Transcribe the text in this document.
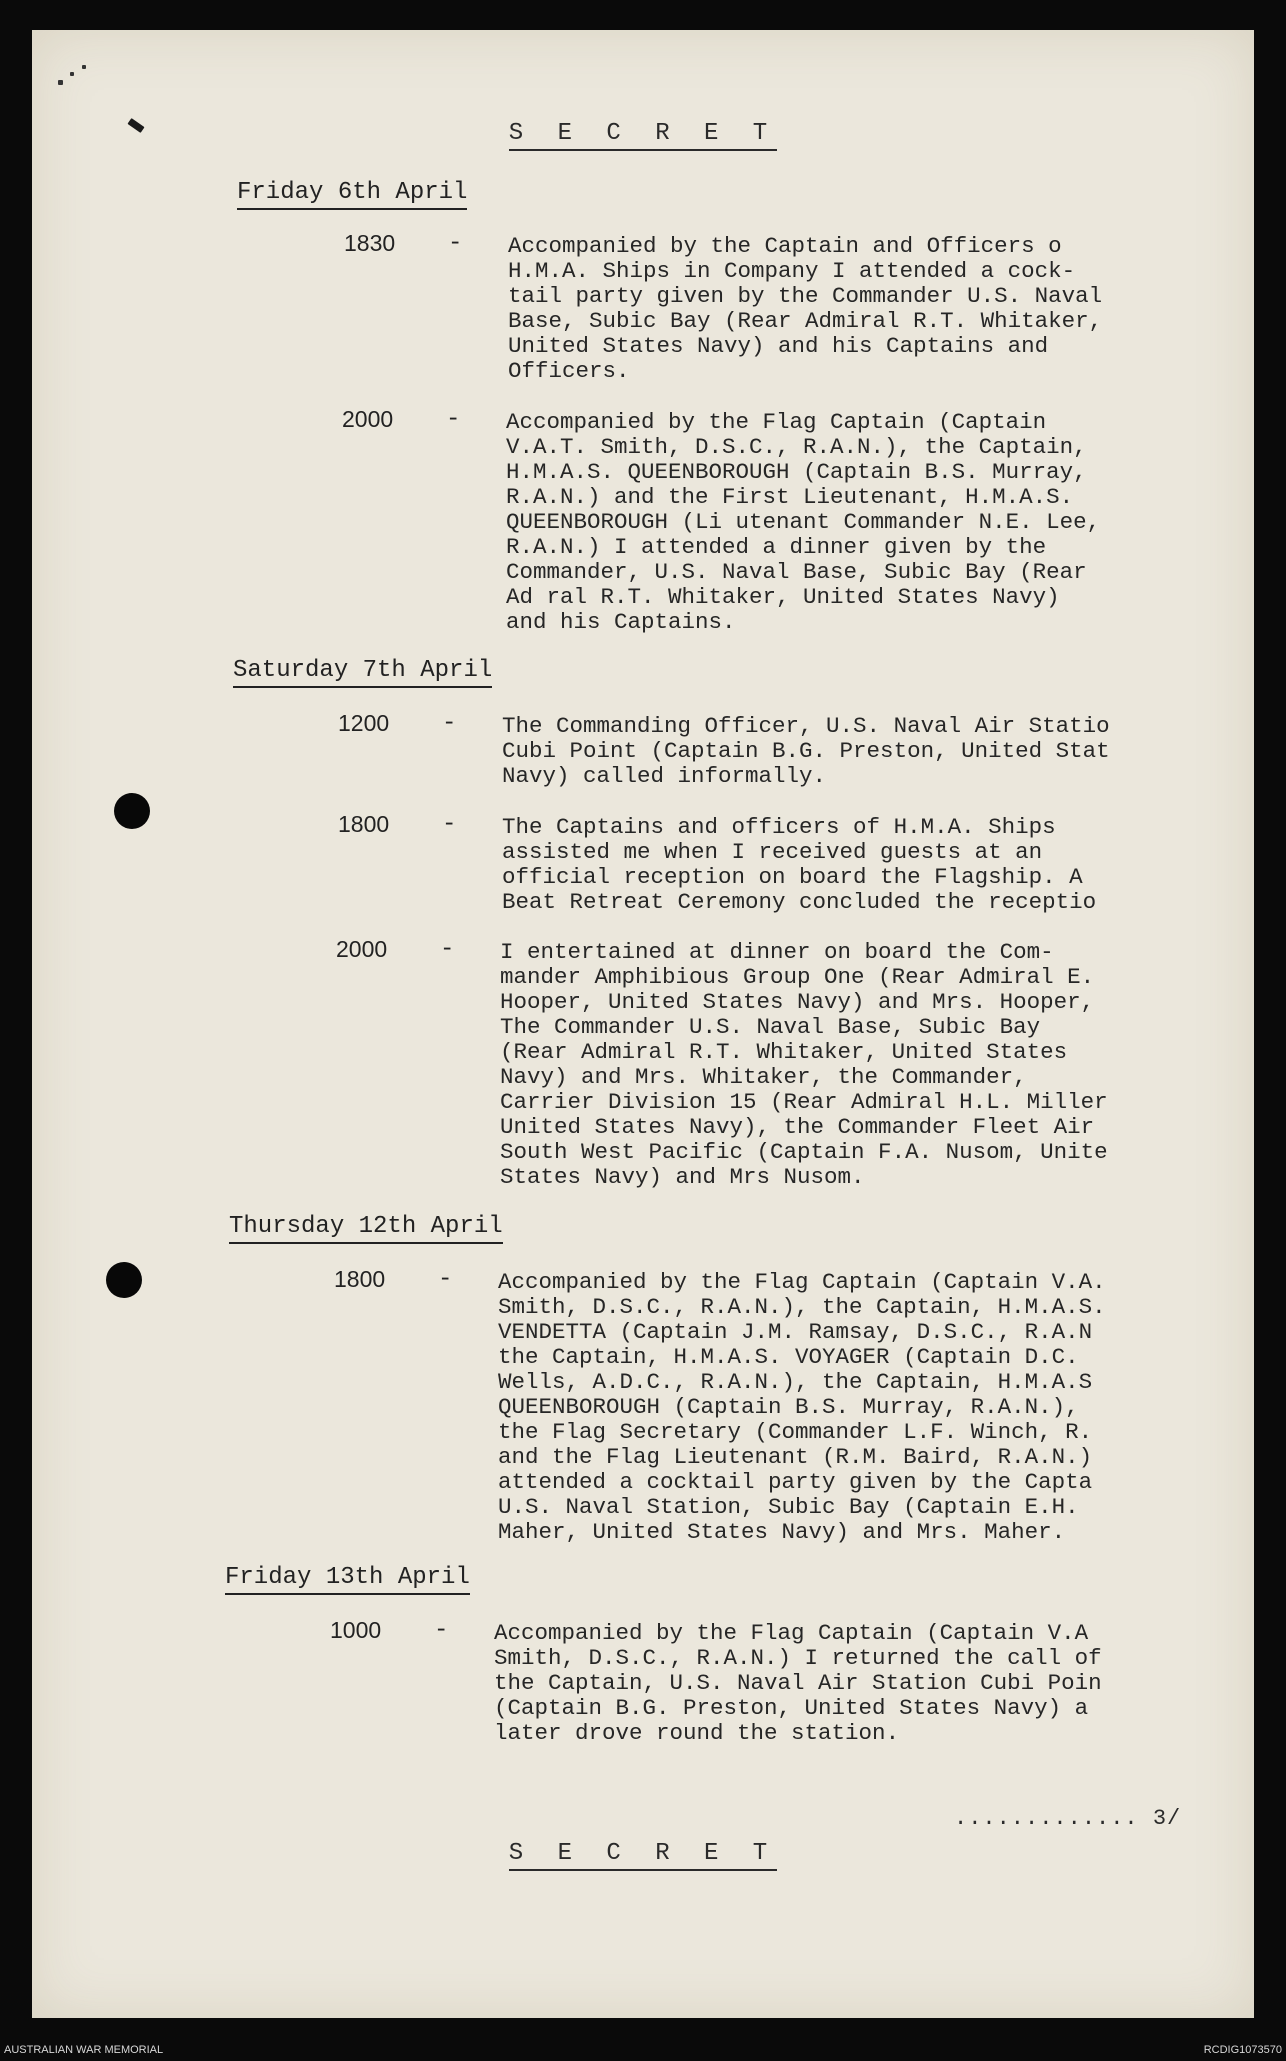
S E C R E T
Friday 6th April
1830 - Accompanied by the Captain and Officers o
H.M.A. Ships in Company I attended a cock-
tail party given by the Commander U.S. Naval
Base, Subic Bay (Rear Admiral R.T. Whitaker,
United States Navy) and his Captains and
Officers.
2000 - Accompanied by the Flag Captain (Captain
V.A.T. Smith, D.S.C., R.A.N.), the Captain,
H.M.A.S. QUEENBOROUGH (Captain B.S. Murray,
R.A.N.) and the First Lieutenant, H.M.A.S.
QUEENBOROUGH (Li utenant Commander N.E. Lee,
R.A.N.) I attended a dinner given by the
Commander, U.S. Naval Base, Subic Bay (Rear
Ad ral R.T. Whitaker, United States Navy)
and his Captains.
Saturday 7th April
1200 - The Commanding Officer, U.S. Naval Air Statio
Cubi Point (Captain B.G. Preston, United Stat
Navy) called informally.
1800 - The Captains and officers of H.M.A. Ships
assisted me when I received guests at an
official reception on board the Flagship. A
Beat Retreat Ceremony concluded the receptio
2000 - I entertained at dinner on board the Com-
mander Amphibious Group One (Rear Admiral E.
Hooper, United States Navy) and Mrs. Hooper,
The Commander U.S. Naval Base, Subic Bay
(Rear Admiral R.T. Whitaker, United States
Navy) and Mrs. Whitaker, the Commander,
Carrier Division 15 (Rear Admiral H.L. Miller
United States Navy), the Commander Fleet Air
South West Pacific (Captain F.A. Nusom, Unite
States Navy) and Mrs Nusom.
Thursday 12th April
1800 - Accompanied by the Flag Captain (Captain V.A.
Smith, D.S.C., R.A.N.), the Captain, H.M.A.S.
VENDETTA (Captain J.M. Ramsay, D.S.C., R.A.N
the Captain, H.M.A.S. VOYAGER (Captain D.C.
Wells, A.D.C., R.A.N.), the Captain, H.M.A.S
QUEENBOROUGH (Captain B.S. Murray, R.A.N.),
the Flag Secretary (Commander L.F. Winch, R.
and the Flag Lieutenant (R.M. Baird, R.A.N.)
attended a cocktail party given by the Capta
U.S. Naval Station, Subic Bay (Captain E.H.
Maher, United States Navy) and Mrs. Maher.
Friday 13th April
1000 - Accompanied by the Flag Captain (Captain V.A
Smith, D.S.C., R.A.N.) I returned the call of
the Captain, U.S. Naval Air Station Cubi Poin
(Captain B.G. Preston, United States Navy) a
later drove round the station.
............. 3/
S E C R E T
AUSTRALIAN WAR MEMORIAL	RCDIG1073570
